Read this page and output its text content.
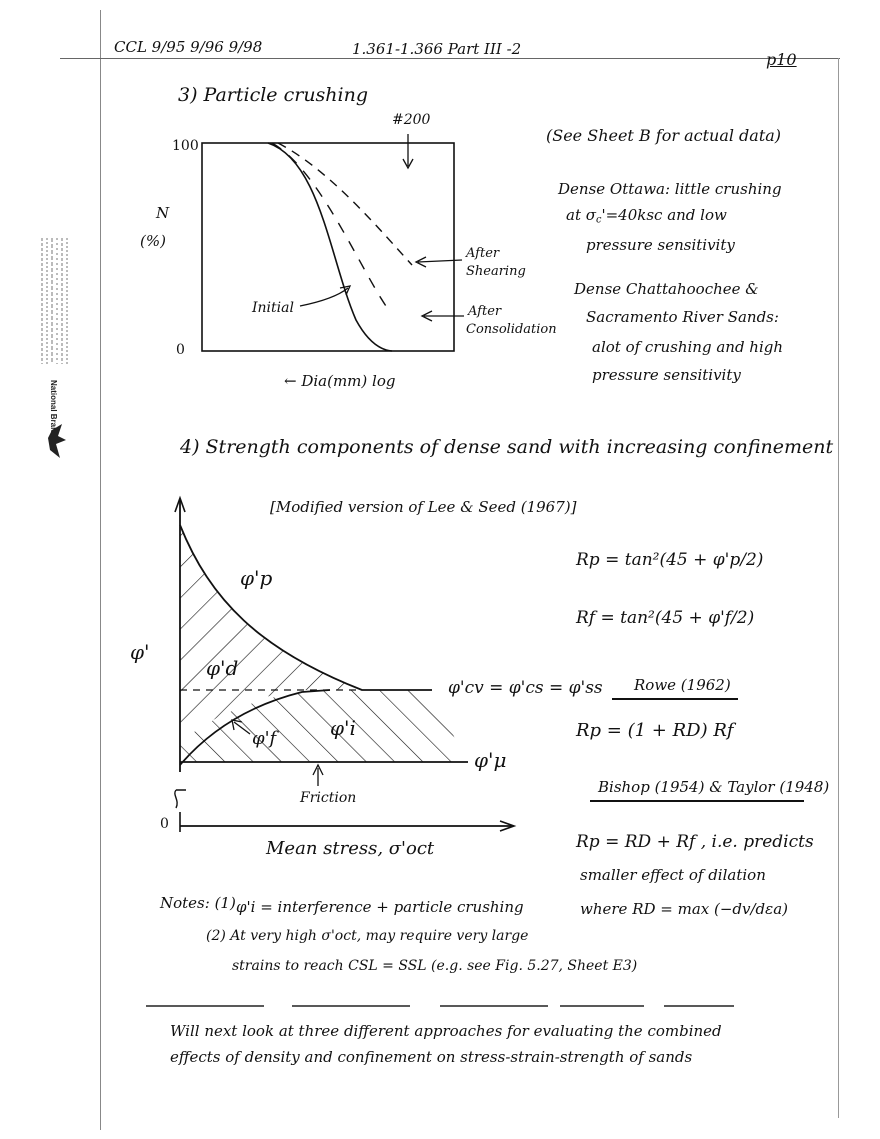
National Brand
CCL 9/95 9/96 9/98	1.361-1.366 Part III -2
p10
3) Particle crushing
(See Sheet B for actual data)
Dense Ottawa: little crushing
at $\sigma_c'=40ksc$ and low
pressure sensitivity
Dense Chattahoochee &
Sacramento River Sands:
alot of crushing and high
pressure sensitivity
100
0
N
(%)
#200
← Dia(mm) log
After
Shearing
After
Consolidation
Initial
4) Strength components of dense sand with increasing confinement
[Modified version of Lee & Seed (1967)]
φ'
φ'p
φ'd
φ'f	φ'i
φ'cv = φ'cs = φ'ss
φ'μ
Friction
0
Mean stress, σ'oct
Rp = tan²(45 + φ'p/2)
Rf = tan²(45 + φ'f/2)
Rowe (1962)
Rp = (1 + RD) Rf
Bishop (1954) & Taylor (1948)
Rp = RD + Rf , i.e. predicts
smaller effect of dilation
where RD = max (−dv/dεa)
Notes: (1) φ'i = interference + particle crushing
(2) At very high σ'oct, may require very large
strains to reach CSL = SSL (e.g. see Fig. 5.27, Sheet E3)
Will next look at three different approaches for evaluating the combined
effects of density and confinement on stress-strain-strength of sands
